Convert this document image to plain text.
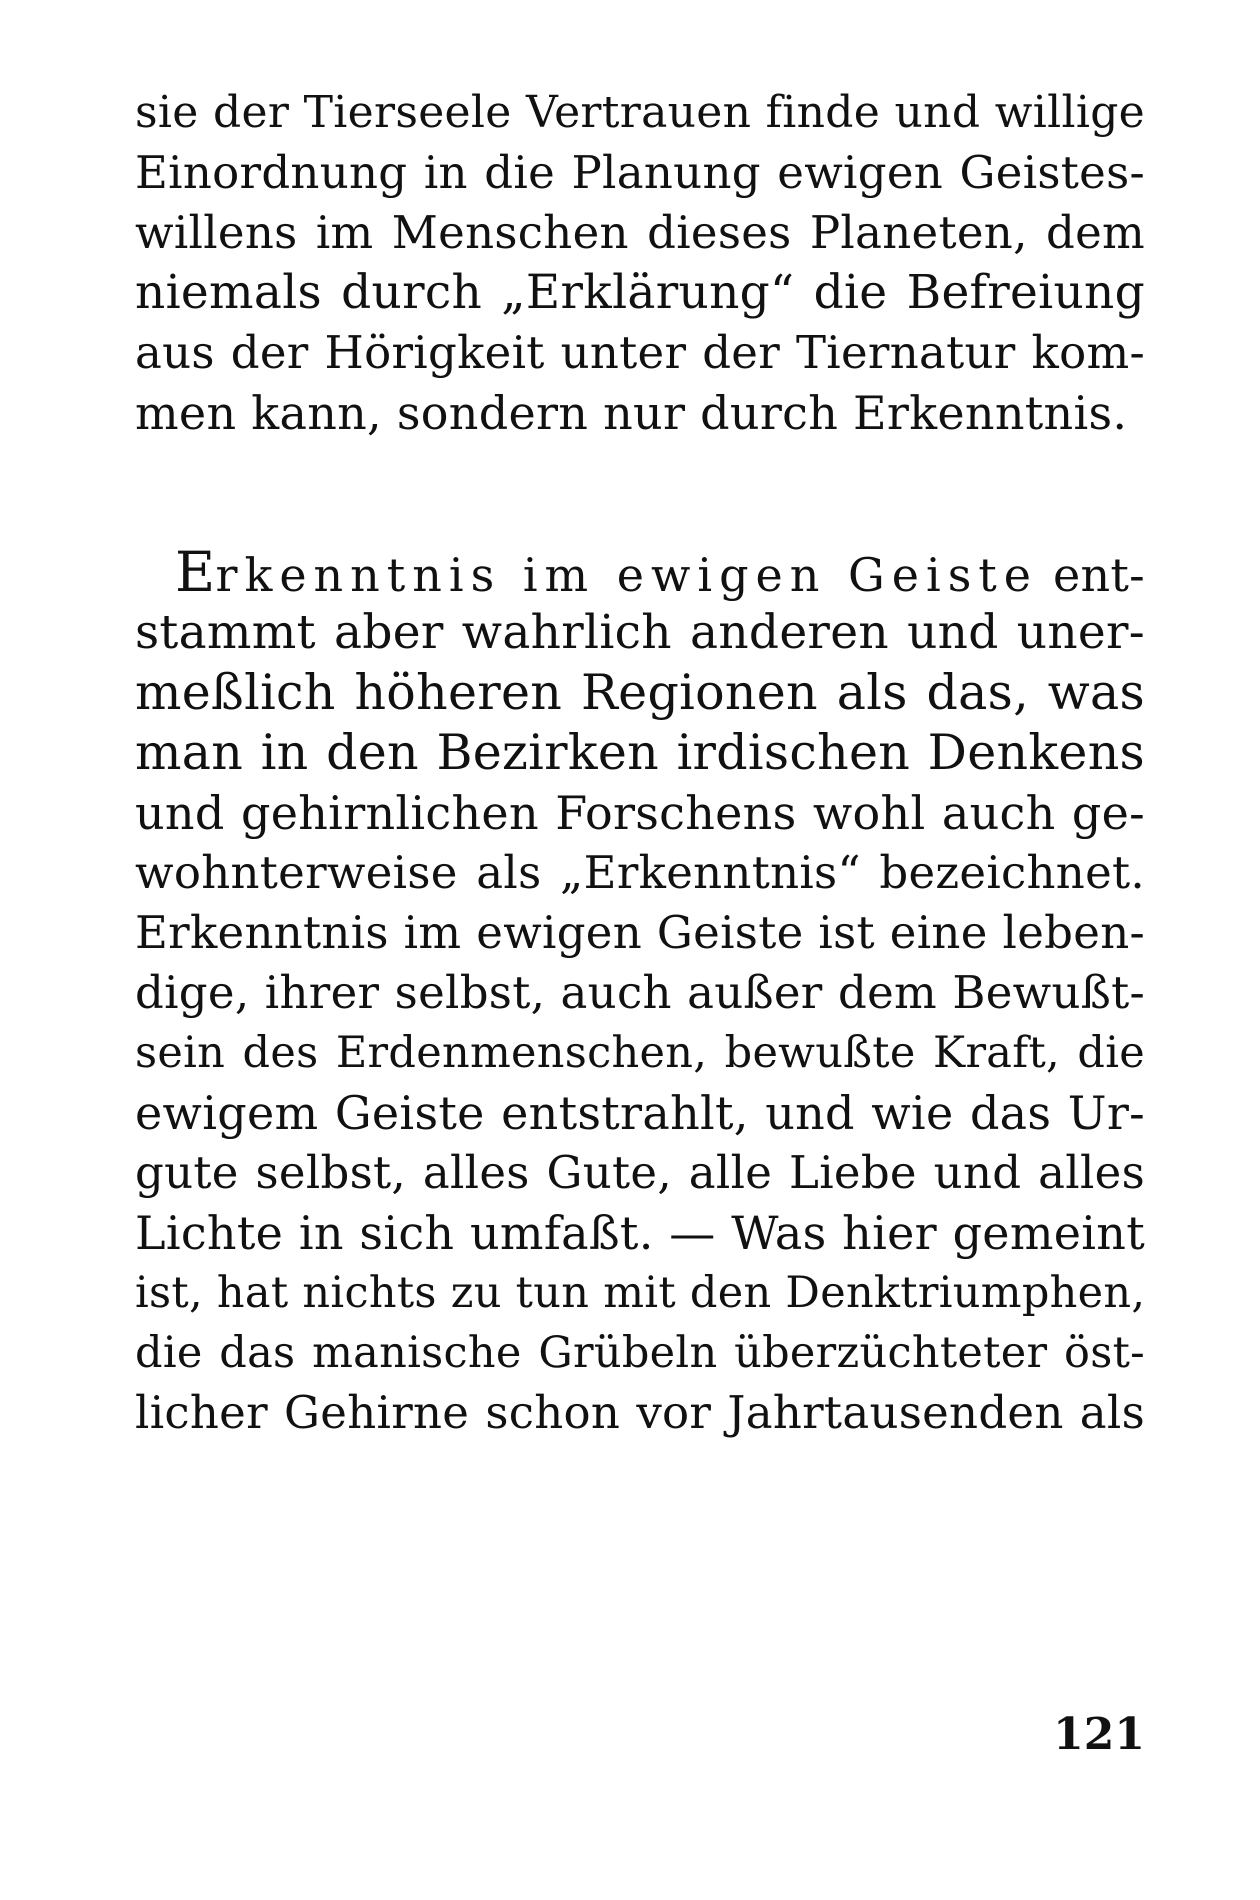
sie der Tierseele Vertrauen finde und willige

Einordnung in die Planung ewigen Geistes-

willens im Menschen dieses Planeten, dem

niemals durch „Erklärung“ die Befreiung

aus der Hörigkeit unter der Tiernatur kom-

men kann, sondern nur durch Erkenntnis.

Erkenntnis im ewigen Geiste ent-

stammt aber wahrlich anderen und uner-

meßlich höheren Regionen als das, was

man in den Bezirken irdischen Denkens

und gehirnlichen Forschens wohl auch ge-

wohnterweise als „Erkenntnis“ bezeichnet.

Erkenntnis im ewigen Geiste ist eine leben-

dige, ihrer selbst, auch außer dem Bewußt-

sein des Erdenmenschen, bewußte Kraft, die

ewigem Geiste entstrahlt, und wie das Ur-

gute selbst, alles Gute, alle Liebe und alles

Lichte in sich umfaßt. — Was hier gemeint

ist, hat nichts zu tun mit den Denktriumphen,

die das manische Grübeln überzüchteter öst-

licher Gehirne schon vor Jahrtausenden als

121
